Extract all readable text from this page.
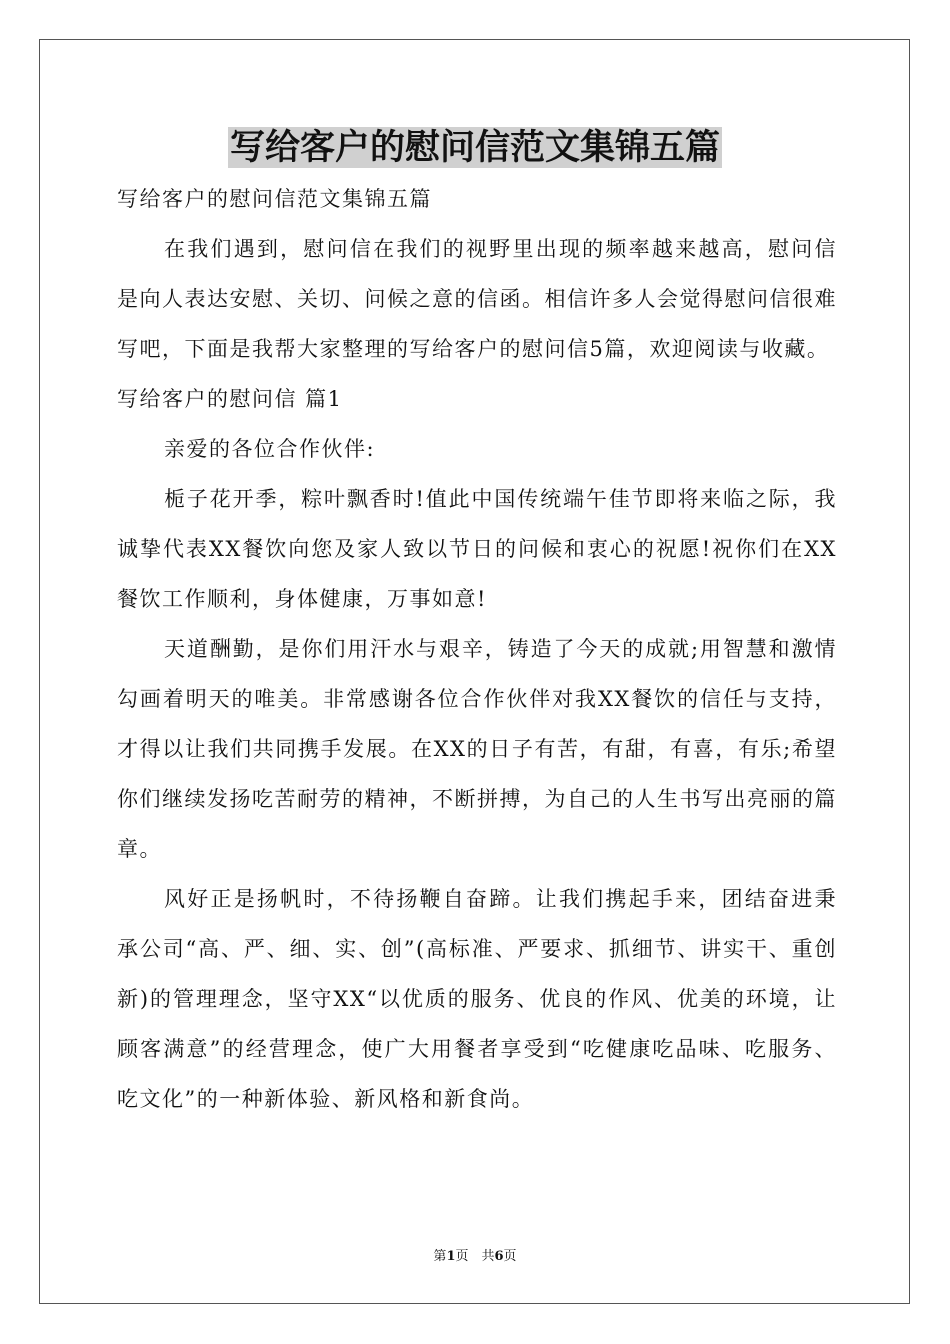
写给客户的慰问信范文集锦五篇

写给客户的慰问信范文集锦五篇

在我们遇到，慰问信在我们的视野里出现的频率越来越高，慰问信是向人表达安慰、关切、问候之意的信函。相信许多人会觉得慰问信很难写吧，下面是我帮大家整理的写给客户的慰问信5篇，欢迎阅读与收藏。

写给客户的慰问信 篇1

亲爱的各位合作伙伴:

栀子花开季，粽叶飘香时!值此中国传统端午佳节即将来临之际，我诚挚代表XX餐饮向您及家人致以节日的问候和衷心的祝愿!祝你们在XX餐饮工作顺利，身体健康，万事如意!

天道酬勤，是你们用汗水与艰辛，铸造了今天的成就;用智慧和激情勾画着明天的唯美。非常感谢各位合作伙伴对我XX餐饮的信任与支持，才得以让我们共同携手发展。在XX的日子有苦，有甜，有喜，有乐;希望你们继续发扬吃苦耐劳的精神，不断拼搏，为自己的人生书写出亮丽的篇章。

风好正是扬帆时，不待扬鞭自奋蹄。让我们携起手来，团结奋进秉承公司“高、严、细、实、创”(高标准、严要求、抓细节、讲实干、重创新)的管理理念，坚守XX“以优质的服务、优良的作风、优美的环境，让顾客满意”的经营理念，使广大用餐者享受到“吃健康吃品味、吃服务、吃文化”的一种新体验、新风格和新食尚。

第1页　共6页
